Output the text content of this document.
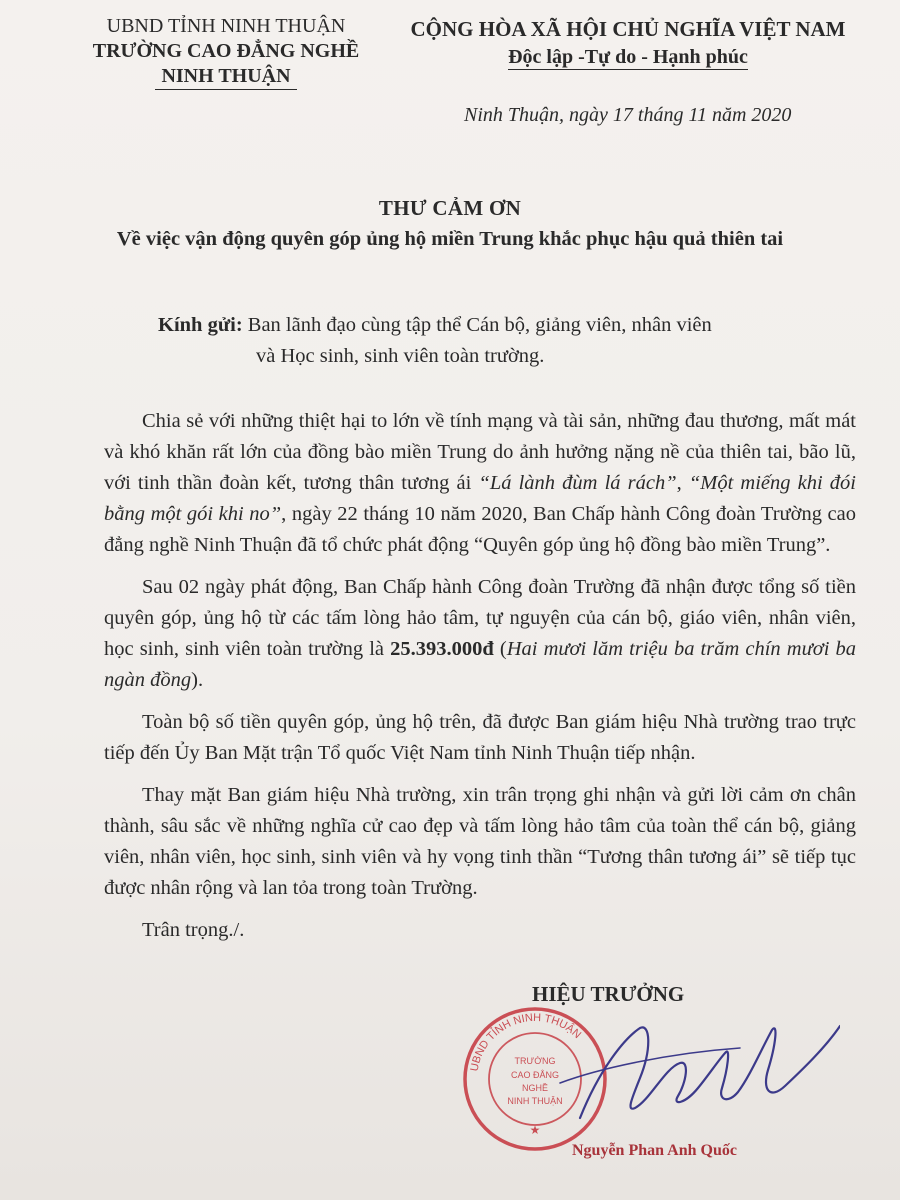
UBND TỈNH NINH THUẬN
TRƯỜNG CAO ĐẲNG NGHỀ
NINH THUẬN
CỘNG HÒA XÃ HỘI CHỦ NGHĨA VIỆT NAM
Độc lập -Tự do - Hạnh phúc
Ninh Thuận, ngày 17 tháng 11 năm 2020
THƯ CẢM ƠN
Về việc vận động quyên góp ủng hộ miền Trung khắc phục hậu quả thiên tai
Kính gửi: Ban lãnh đạo cùng tập thể Cán bộ, giảng viên, nhân viên
và Học sinh, sinh viên toàn trường.

Chia sẻ với những thiệt hại to lớn về tính mạng và tài sản, những đau thương, mất mát và khó khăn rất lớn của đồng bào miền Trung do ảnh hưởng nặng nề của thiên tai, bão lũ, với tinh thần đoàn kết, tương thân tương ái “Lá lành đùm lá rách”, “Một miếng khi đói bằng một gói khi no”, ngày 22 tháng 10 năm 2020, Ban Chấp hành Công đoàn Trường cao đẳng nghề Ninh Thuận đã tổ chức phát động “Quyên góp ủng hộ đồng bào miền Trung”.

Sau 02 ngày phát động, Ban Chấp hành Công đoàn Trường đã nhận được tổng số tiền quyên góp, ủng hộ từ các tấm lòng hảo tâm, tự nguyện của cán bộ, giáo viên, nhân viên, học sinh, sinh viên toàn trường là 25.393.000đ (Hai mươi lăm triệu ba trăm chín mươi ba ngàn đồng).

Toàn bộ số tiền quyên góp, ủng hộ trên, đã được Ban giám hiệu Nhà trường trao trực tiếp đến Ủy Ban Mặt trận Tổ quốc Việt Nam tỉnh Ninh Thuận tiếp nhận.

Thay mặt Ban giám hiệu Nhà trường, xin trân trọng ghi nhận và gửi lời cảm ơn chân thành, sâu sắc về những nghĩa cử cao đẹp và tấm lòng hảo tâm của toàn thể cán bộ, giảng viên, nhân viên, học sinh, sinh viên và hy vọng tinh thần “Tương thân tương ái” sẽ tiếp tục được nhân rộng và lan tỏa trong toàn Trường.

Trân trọng./.

UBND TỈNH NINH THUẬN
TRƯỜNG
CAO ĐẲNG
NGHỀ
NINH THUẬN
★
HIỆU TRƯỞNG
Nguyễn Phan Anh Quốc
